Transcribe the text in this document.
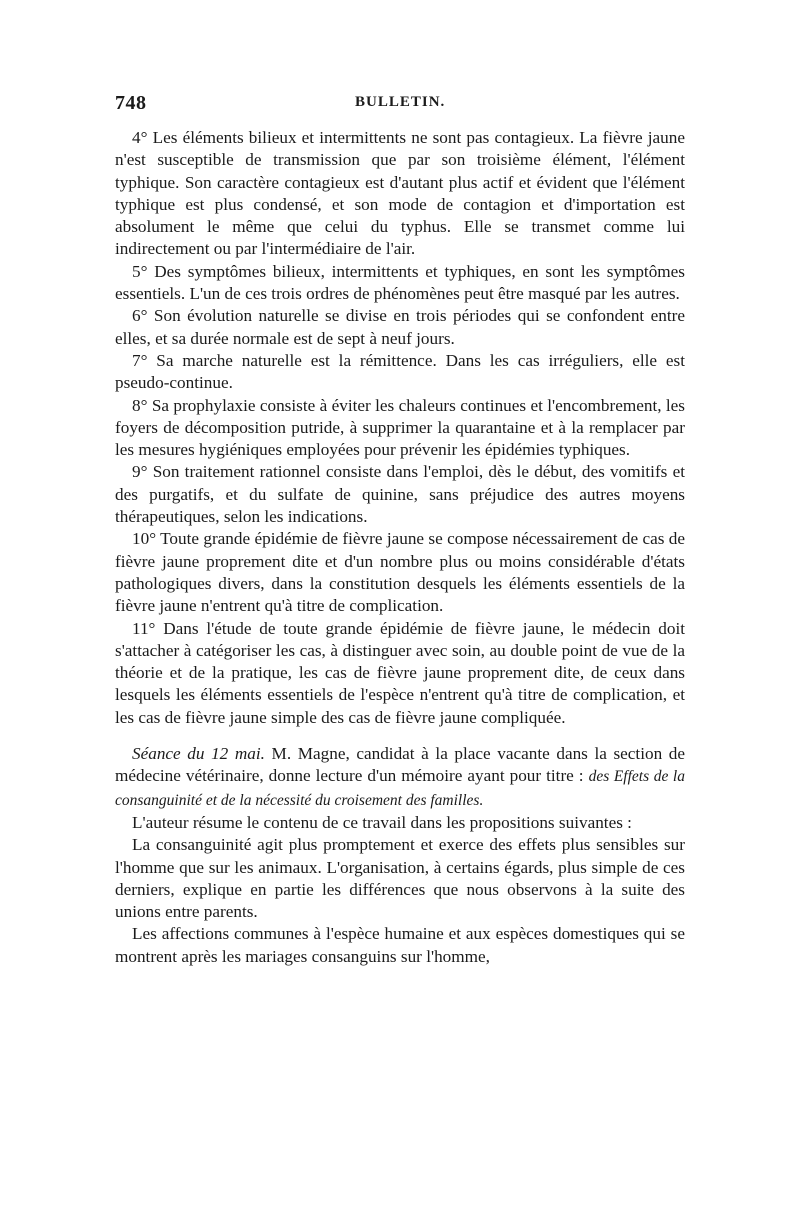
748	BULLETIN.

4° Les éléments bilieux et intermittents ne sont pas contagieux. La fièvre jaune n'est susceptible de transmission que par son troisième élément, l'élément typhique. Son caractère contagieux est d'autant plus actif et évident que l'élément typhique est plus condensé, et son mode de contagion et d'importation est absolument le même que celui du typhus. Elle se transmet comme lui indirectement ou par l'intermédiaire de l'air.

5° Des symptômes bilieux, intermittents et typhiques, en sont les symptômes essentiels. L'un de ces trois ordres de phénomènes peut être masqué par les autres.

6° Son évolution naturelle se divise en trois périodes qui se confondent entre elles, et sa durée normale est de sept à neuf jours.

7° Sa marche naturelle est la rémittence. Dans les cas irréguliers, elle est pseudo-continue.

8° Sa prophylaxie consiste à éviter les chaleurs continues et l'encombrement, les foyers de décomposition putride, à supprimer la quarantaine et à la remplacer par les mesures hygiéniques employées pour prévenir les épidémies typhiques.

9° Son traitement rationnel consiste dans l'emploi, dès le début, des vomitifs et des purgatifs, et du sulfate de quinine, sans préjudice des autres moyens thérapeutiques, selon les indications.

10° Toute grande épidémie de fièvre jaune se compose nécessairement de cas de fièvre jaune proprement dite et d'un nombre plus ou moins considérable d'états pathologiques divers, dans la constitution desquels les éléments essentiels de la fièvre jaune n'entrent qu'à titre de complication.

11° Dans l'étude de toute grande épidémie de fièvre jaune, le médecin doit s'attacher à catégoriser les cas, à distinguer avec soin, au double point de vue de la théorie et de la pratique, les cas de fièvre jaune proprement dite, de ceux dans lesquels les éléments essentiels de l'espèce n'entrent qu'à titre de complication, et les cas de fièvre jaune simple des cas de fièvre jaune compliquée.

Séance du 12 mai. M. Magne, candidat à la place vacante dans la section de médecine vétérinaire, donne lecture d'un mémoire ayant pour titre : des Effets de la consanguinité et de la nécessité du croisement des familles.

L'auteur résume le contenu de ce travail dans les propositions suivantes :

La consanguinité agit plus promptement et exerce des effets plus sensibles sur l'homme que sur les animaux. L'organisation, à certains égards, plus simple de ces derniers, explique en partie les différences que nous observons à la suite des unions entre parents.

Les affections communes à l'espèce humaine et aux espèces domestiques qui se montrent après les mariages consanguins sur l'homme,
